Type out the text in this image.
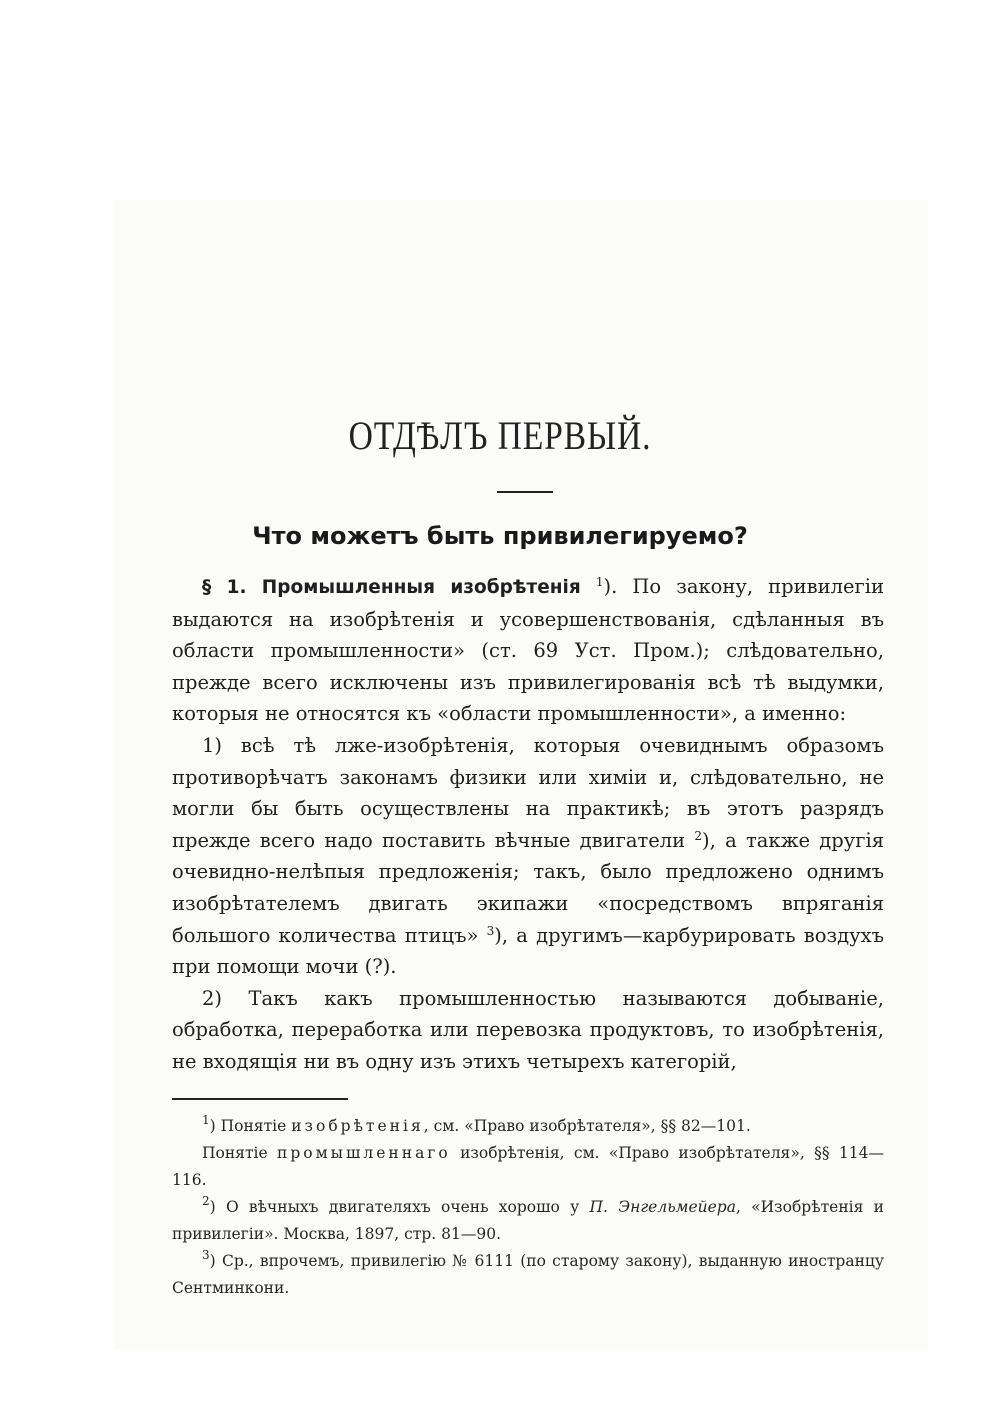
ОТДѢЛЪ ПЕРВЫЙ.
Что можетъ быть привилегируемо?

§ 1. Промышленныя изобрѣтенія $^1$). По закону, привилегіи выдаются на изобрѣтенія и усовершенствованія, сдѣланныя въ области промышленности» (ст. 69 Уст. Пром.); слѣдовательно, прежде всего исключены изъ привилегированія всѣ тѣ выдумки, которыя не относятся къ «области промышленности», а именно:

1) всѣ тѣ лже-изобрѣтенія, которыя очевиднымъ образомъ противорѣчатъ законамъ физики или химіи и, слѣдовательно, не могли бы быть осуществлены на практикѣ; въ этотъ разрядъ прежде всего надо поставить вѣчные двигатели $^2$), а также другія очевидно-нелѣпыя предложенія; такъ, было предложено однимъ изобрѣтателемъ двигать экипажи «посредствомъ впряганія большого количества птицъ» $^3$), а другимъ—карбурировать воздухъ при помощи мочи (?).

2) Такъ какъ промышленностью называются добываніе, обработка, переработка или перевозка продуктовъ, то изобрѣтенія, не входящія ни въ одну изъ этихъ четырехъ категорій,

$^1$) Понятіе изобрѣтенія, см. «Право изобрѣтателя», §§ 82—101.

Понятіе промышленнаго изобрѣтенія, см. «Право изобрѣтателя», §§ 114—116.

$^2$) О вѣчныхъ двигателяхъ очень хорошо у П. Энгельмейера, «Изобрѣтенія и привилегіи». Москва, 1897, стр. 81—90.

$^3$) Ср., впрочемъ, привилегію № 6111 (по старому закону), выданную иностранцу Сентминкони.
